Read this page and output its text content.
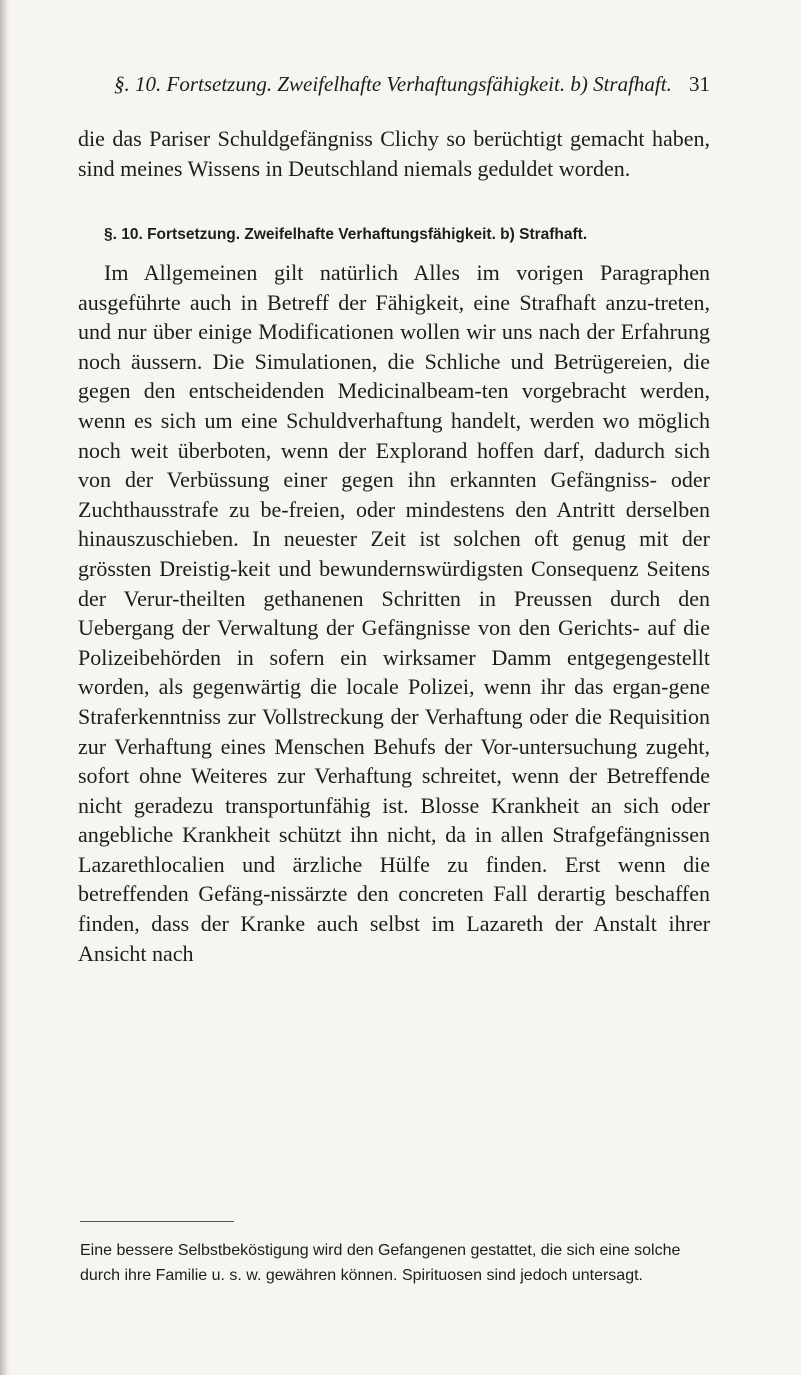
§. 10. Fortsetzung. Zweifelhafte Verhaftungsfähigkeit. b) Strafhaft. 31

die das Pariser Schuldgefängniss Clichy so berüchtigt gemacht haben, sind meines Wissens in Deutschland niemals geduldet worden.

§. 10. Fortsetzung. Zweifelhafte Verhaftungsfähigkeit. b) Strafhaft.

Im Allgemeinen gilt natürlich Alles im vorigen Paragraphen ausgeführte auch in Betreff der Fähigkeit, eine Strafhaft anzu-treten, und nur über einige Modificationen wollen wir uns nach der Erfahrung noch äussern. Die Simulationen, die Schliche und Betrügereien, die gegen den entscheidenden Medicinalbeam-ten vorgebracht werden, wenn es sich um eine Schuldverhaftung handelt, werden wo möglich noch weit überboten, wenn der Explorand hoffen darf, dadurch sich von der Verbüssung einer gegen ihn erkannten Gefängniss- oder Zuchthausstrafe zu be-freien, oder mindestens den Antritt derselben hinauszuschieben. In neuester Zeit ist solchen oft genug mit der grössten Dreistig-keit und bewundernswürdigsten Consequenz Seitens der Verur-theilten gethanenen Schritten in Preussen durch den Uebergang der Verwaltung der Gefängnisse von den Gerichts- auf die Polizeibehörden in sofern ein wirksamer Damm entgegengestellt worden, als gegenwärtig die locale Polizei, wenn ihr das ergan-gene Straferkenntniss zur Vollstreckung der Verhaftung oder die Requisition zur Verhaftung eines Menschen Behufs der Vor-untersuchung zugeht, sofort ohne Weiteres zur Verhaftung schreitet, wenn der Betreffende nicht geradezu transportunfähig ist. Blosse Krankheit an sich oder angebliche Krankheit schützt ihn nicht, da in allen Strafgefängnissen Lazarethlocalien und ärzliche Hülfe zu finden. Erst wenn die betreffenden Gefäng-nissärzte den concreten Fall derartig beschaffen finden, dass der Kranke auch selbst im Lazareth der Anstalt ihrer Ansicht nach

Eine bessere Selbstbeköstigung wird den Gefangenen gestattet, die sich eine solche durch ihre Familie u. s. w. gewähren können. Spirituosen sind jedoch untersagt.
